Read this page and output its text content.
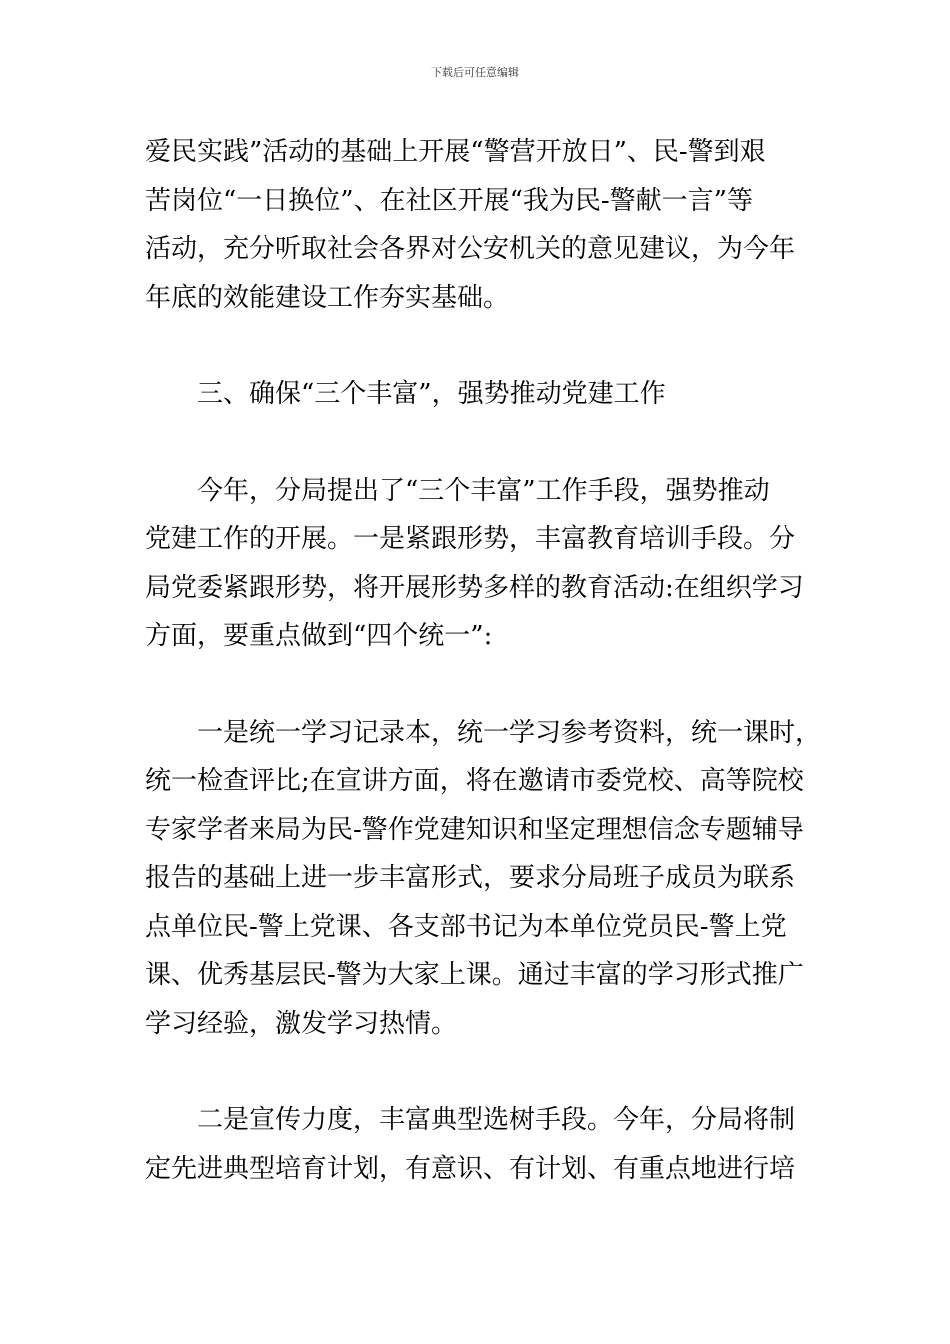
下载后可任意编辑
爱民实践”活动的基础上开展“警营开放日”、民-警到艰
苦岗位“一日换位”、在社区开展“我为民-警献一言”等
活动，充分听取社会各界对公安机关的意见建议，为今年
年底的效能建设工作夯实基础。
三、确保“三个丰富”，强势推动党建工作
今年，分局提出了“三个丰富”工作手段，强势推动
党建工作的开展。一是紧跟形势，丰富教育培训手段。分
局党委紧跟形势，将开展形势多样的教育活动:在组织学习
方面，要重点做到“四个统一”:
一是统一学习记录本，统一学习参考资料，统一课时，
统一检查评比;在宣讲方面，将在邀请市委党校、高等院校
专家学者来局为民-警作党建知识和坚定理想信念专题辅导
报告的基础上进一步丰富形式，要求分局班子成员为联系
点单位民-警上党课、各支部书记为本单位党员民-警上党
课、优秀基层民-警为大家上课。通过丰富的学习形式推广
学习经验，激发学习热情。
二是宣传力度，丰富典型选树手段。今年，分局将制
定先进典型培育计划，有意识、有计划、有重点地进行培
